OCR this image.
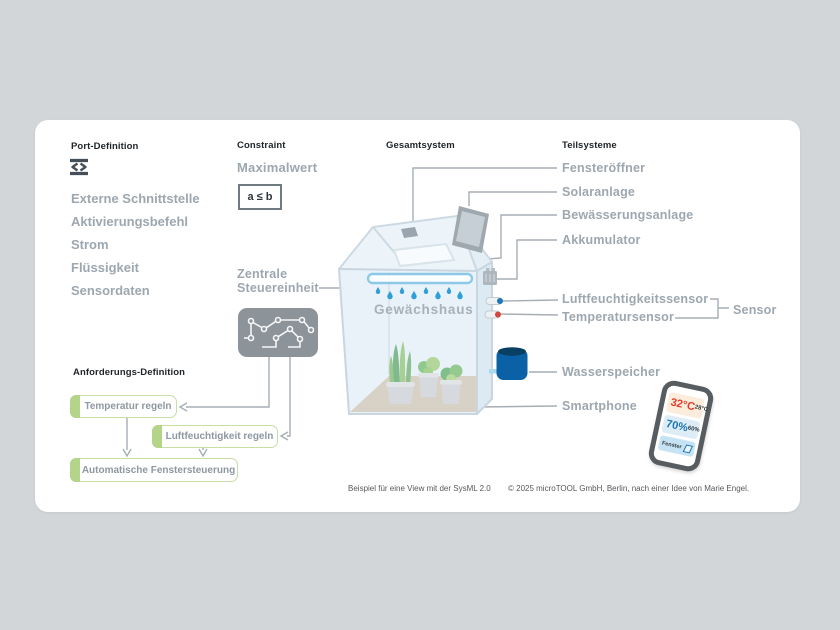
Port-Definition
Externe Schnittstelle
Aktivierungsbefehl
Strom
Flüssigkeit
Sensordaten
Constraint
Maximalwert
a ≤ b
Zentrale
Steuereinheit
Anforderungs-Definition
Temperatur regeln
Luftfeuchtigkeit regeln
Automatische Fenstersteuerung
Gesamtsystem
Gewächshaus
Teilsysteme
Fensteröffner
Solaranlage
Bewässerungsanlage
Akkumulator
Luftfeuchtigkeitssensor
Temperatursensor	Sensor
Wasserspeicher
Smartphone	32°C
28°C
70%
60%
Fenster
Beispiel für eine View mit der SysML 2.0 © 2025 microTOOL GmbH, Berlin, nach einer Idee von Marie Engel.
